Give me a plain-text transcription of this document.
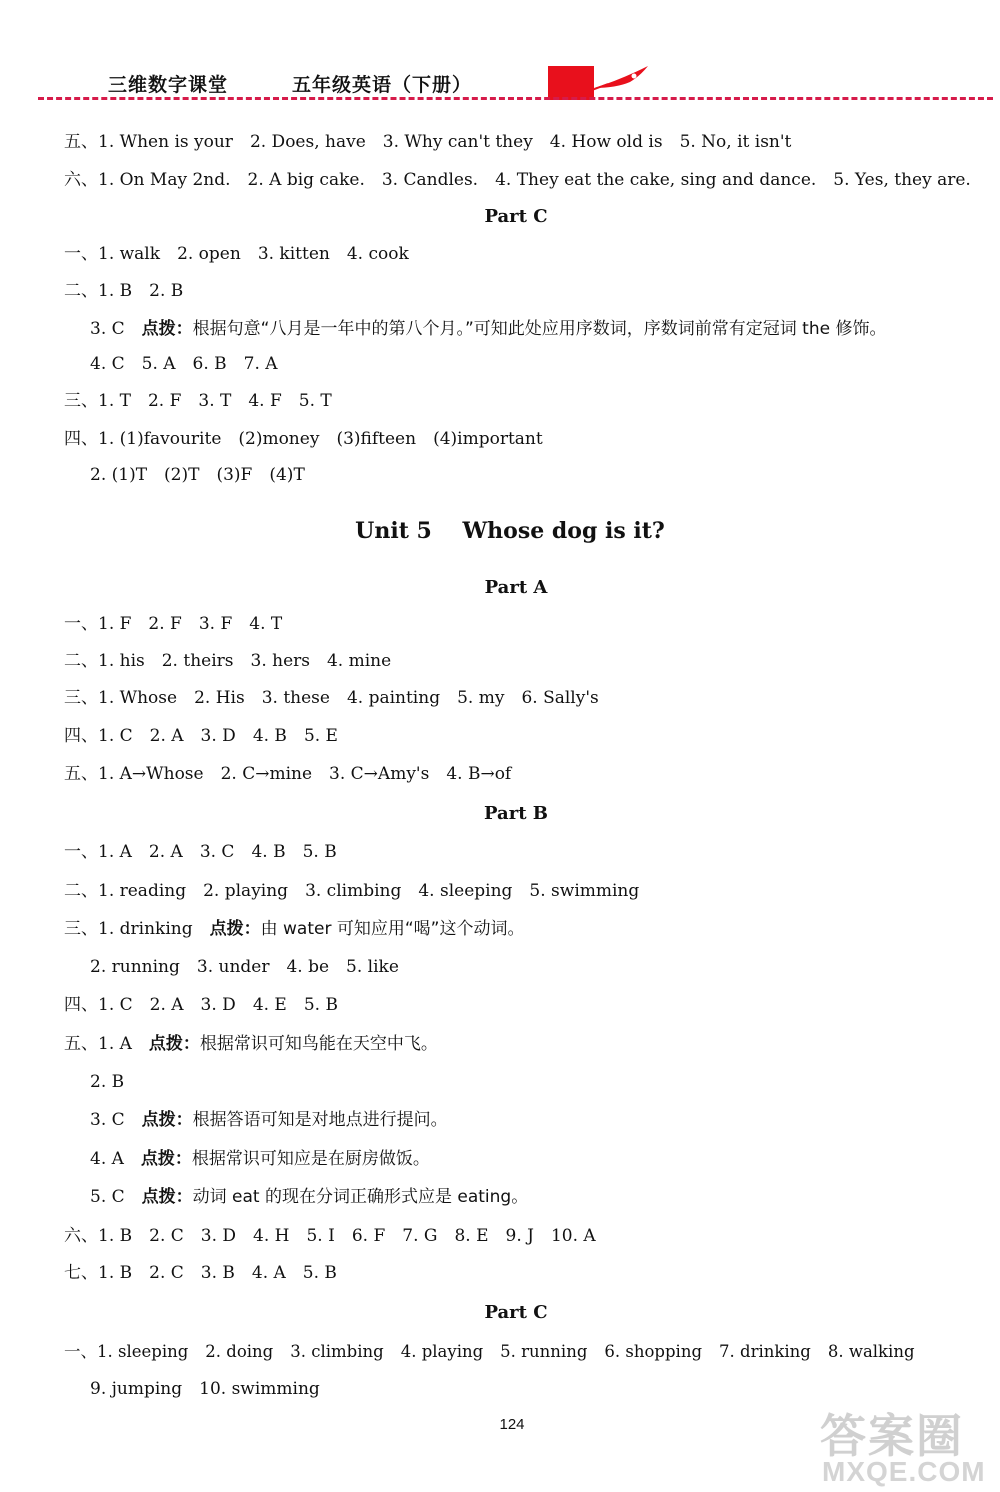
三维数字课堂	五年级英语（下册）
五、1. When is your 2. Does, have 3. Why can't they 4. How old is 5. No, it isn't
六、1. On May 2nd. 2. A big cake. 3. Candles. 4. They eat the cake, sing and dance. 5. Yes, they are.
Part C
一、1. walk 2. open 3. kitten 4. cook
二、1. B 2. B
3. C 点拨：根据句意“八月是一年中的第八个月。”可知此处应用序数词，序数词前常有定冠词 the 修饰。
4. C 5. A 6. B 7. A
三、1. T 2. F 3. T 4. F 5. T
四、1. (1)favourite (2)money (3)fifteen (4)important
2. (1)T (2)T (3)F (4)T
Unit 5    Whose dog is it?
Part A
一、1. F 2. F 3. F 4. T
二、1. his 2. theirs 3. hers 4. mine
三、1. Whose 2. His 3. these 4. painting 5. my 6. Sally's
四、1. C 2. A 3. D 4. B 5. E
五、1. A→Whose 2. C→mine 3. C→Amy's 4. B→of
Part B
一、1. A 2. A 3. C 4. B 5. B
二、1. reading 2. playing 3. climbing 4. sleeping 5. swimming
三、1. drinking 点拨：由 water 可知应用“喝”这个动词。
2. running 3. under 4. be 5. like
四、1. C 2. A 3. D 4. E 5. B
五、1. A 点拨：根据常识可知鸟能在天空中飞。
2. B
3. C 点拨：根据答语可知是对地点进行提问。
4. A 点拨：根据常识可知应是在厨房做饭。
5. C 点拨：动词 eat 的现在分词正确形式应是 eating。
六、1. B 2. C 3. D 4. H 5. I 6. F 7. G 8. E 9. J 10. A
七、1. B 2. C 3. B 4. A 5. B
Part C
一、1. sleeping 2. doing 3. climbing 4. playing 5. running 6. shopping 7. drinking 8. walking
9. jumping 10. swimming
124	答案圈
MXQE.COM
